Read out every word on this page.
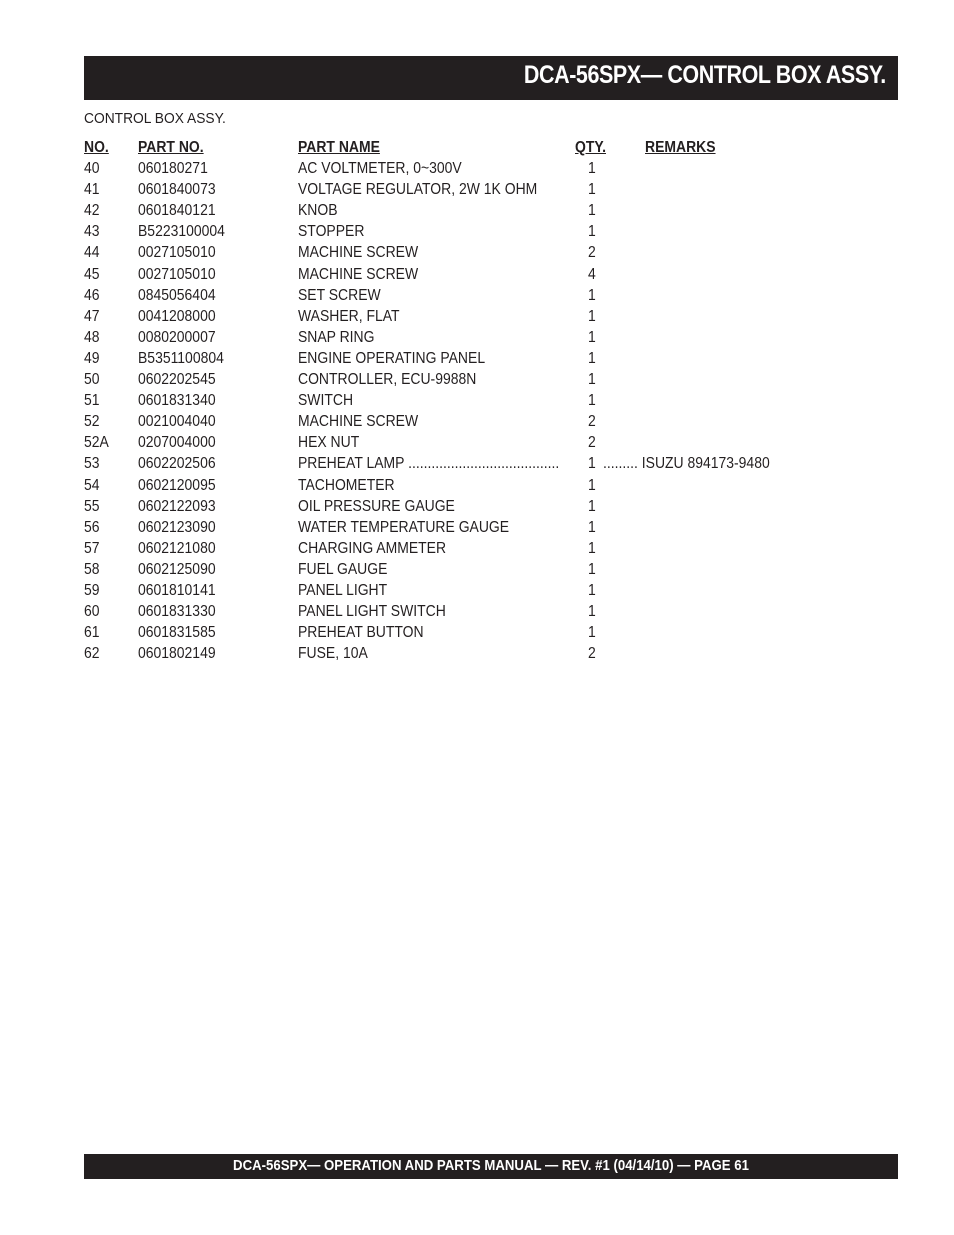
DCA-56SPX— CONTROL BOX ASSY.
CONTROL BOX ASSY.
NO. PART NO.	PART NAME	QTY.	REMARKS
40 060180271	AC VOLTMETER, 0~300V	1
41 0601840073	VOLTAGE REGULATOR, 2W 1K OHM	1
42 0601840121	KNOB	1
43 B5223100004	STOPPER	1
44 0027105010	MACHINE SCREW	2
45 0027105010	MACHINE SCREW	4
46 0845056404	SET SCREW	1
47 0041208000	WASHER, FLAT	1
48 0080200007	SNAP RING	1
49 B5351100804	ENGINE OPERATING PANEL	1
50 0602202545	CONTROLLER, ECU-9988N	1
51 0601831340	SWITCH	1
52 0021004040	MACHINE SCREW	2
52A 0207004000	HEX NUT	2
53 0602202506	PREHEAT LAMP ....................................... 1 ......... ISUZU 894173-9480
54 0602120095	TACHOMETER	1
55 0602122093	OIL PRESSURE GAUGE	1
56 0602123090	WATER TEMPERATURE GAUGE	1
57 0602121080	CHARGING AMMETER	1
58 0602125090	FUEL GAUGE	1
59 0601810141	PANEL LIGHT	1
60 0601831330	PANEL LIGHT SWITCH	1
61 0601831585	PREHEAT BUTTON	1
62 0601802149	FUSE, 10A	2
DCA-56SPX— OPERATION AND PARTS MANUAL — REV. #1 (04/14/10) — PAGE 61
